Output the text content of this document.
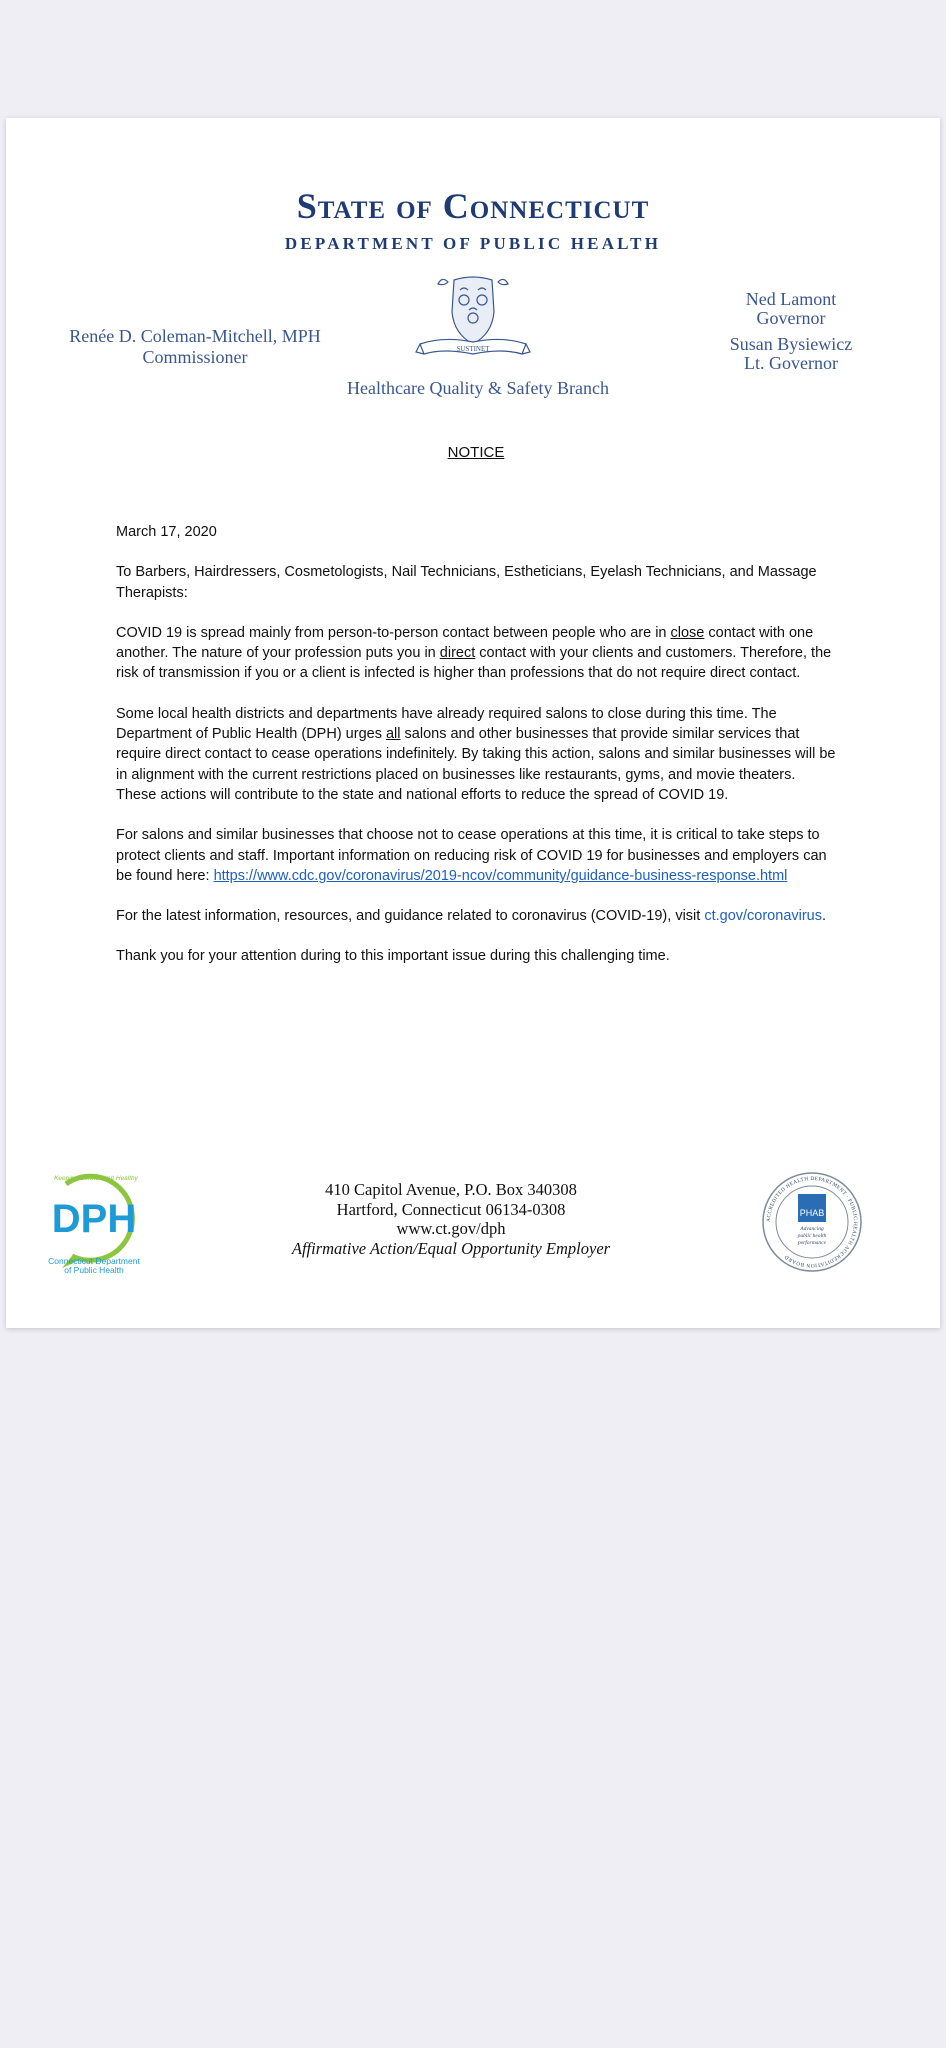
State of Connecticut
DEPARTMENT OF PUBLIC HEALTH
Renée D. Coleman-Mitchell, MPH
Commissioner	SUSTINET
Ned Lamont
Governor
Susan Bysiewicz
Lt. Governor
Healthcare Quality & Safety Branch
NOTICE

March 17, 2020

To Barbers, Hairdressers, Cosmetologists, Nail Technicians, Estheticians, Eyelash Technicians, and Massage Therapists:

COVID 19 is spread mainly from person-to-person contact between people who are in close contact with one another. The nature of your profession puts you in direct contact with your clients and customers. Therefore, the risk of transmission if you or a client is infected is higher than professions that do not require direct contact.

Some local health districts and departments have already required salons to close during this time. The Department of Public Health (DPH) urges all salons and other businesses that provide similar services that require direct contact to cease operations indefinitely. By taking this action, salons and similar businesses will be in alignment with the current restrictions placed on businesses like restaurants, gyms, and movie theaters. These actions will contribute to the state and national efforts to reduce the spread of COVID 19.

For salons and similar businesses that choose not to cease operations at this time, it is critical to take steps to protect clients and staff. Important information on reducing risk of COVID 19 for businesses and employers can be found here: https://www.cdc.gov/coronavirus/2019-ncov/community/guidance-business-response.html

For the latest information, resources, and guidance related to coronavirus (COVID-19), visit ct.gov/coronavirus.

Thank you for your attention during to this important issue during this challenging time.

Keeping Connecticut Healthy
DPH
Connecticut Department
of Public Health
410 Capitol Avenue, P.O. Box 340308
Hartford, Connecticut 06134-0308
www.ct.gov/dph
Affirmative Action/Equal Opportunity Employer
ACCREDITED HEALTH DEPARTMENT · PUBLIC HEALTH ACCREDITATION BOARD
PHAB
Advancing
public health
performance
